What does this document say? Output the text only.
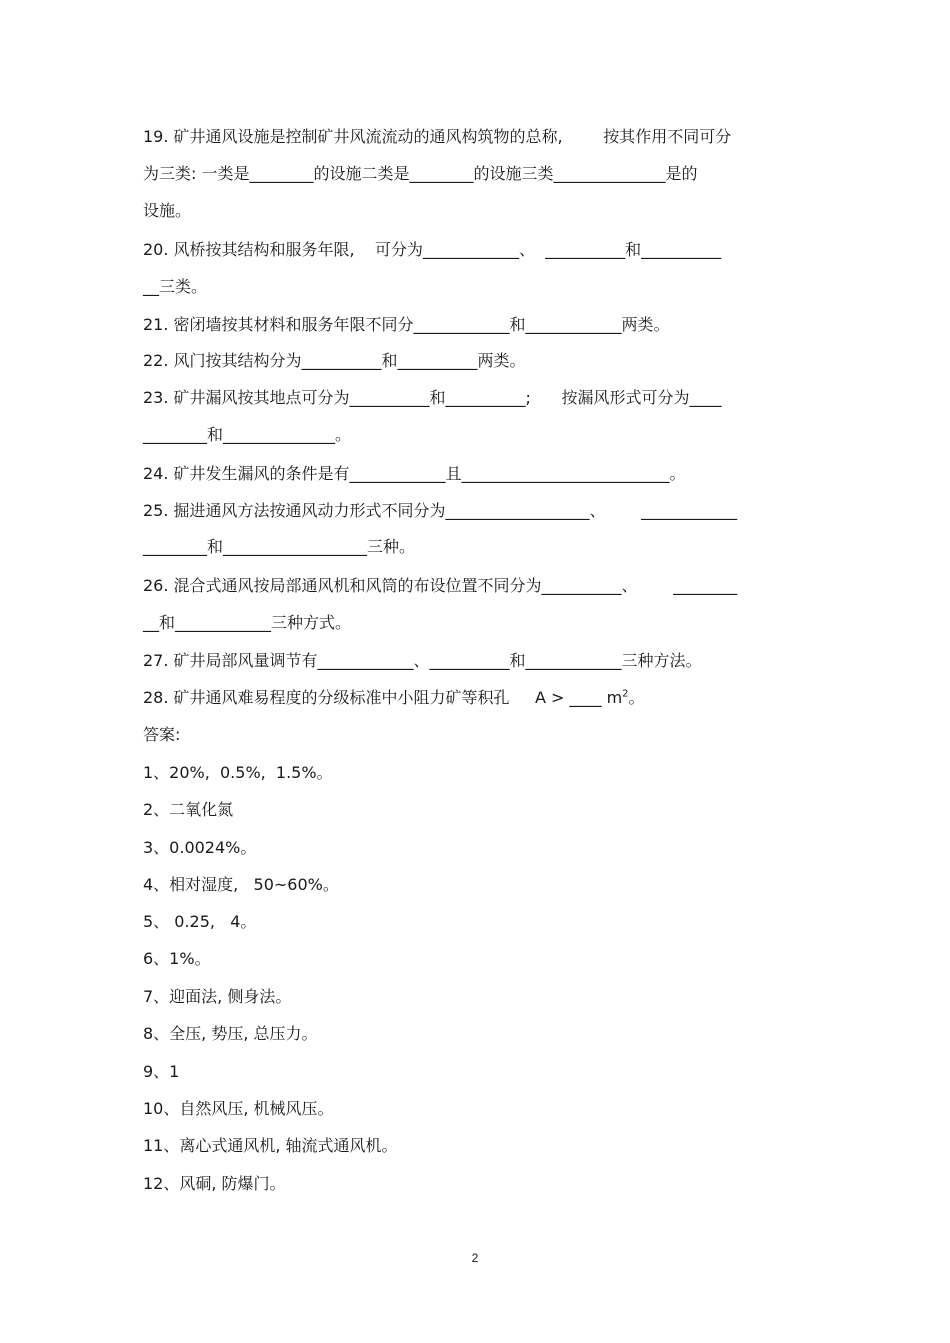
19. 矿井通风设施是控制矿井风流流动的通风构筑物的总称,        按其作用不同可分
为三类: 一类是________的设施二类是________的设施三类______________是的
设施。
20. 风桥按其结构和服务年限,    可分为____________、  __________和__________
__三类。
21. 密闭墙按其材料和服务年限不同分____________和____________两类。
22. 风门按其结构分为__________和__________两类。
23. 矿井漏风按其地点可分为__________和__________;      按漏风形式可分为____
________和______________。
24. 矿井发生漏风的条件是有____________且__________________________。
25. 掘进通风方法按通风动力形式不同分为__________________、       ____________
________和__________________三种。
26. 混合式通风按局部通风机和风筒的布设位置不同分为__________、       ________
__和____________三种方式。
27. 矿井局部风量调节有____________、__________和____________三种方法。
28. 矿井通风难易程度的分级标准中小阻力矿等积孔     A > ____ $m^2$。
答案:
1、20%,  0.5%,  1.5%。
2、二氧化氮
3、0.0024%。
4、相对湿度,   50~60%。
5、 0.25,   4。
6、1%。
7、迎面法, 侧身法。
8、全压, 势压, 总压力。
9、1
10、自然风压, 机械风压。
11、离心式通风机, 轴流式通风机。
12、风硐, 防爆门。
2
